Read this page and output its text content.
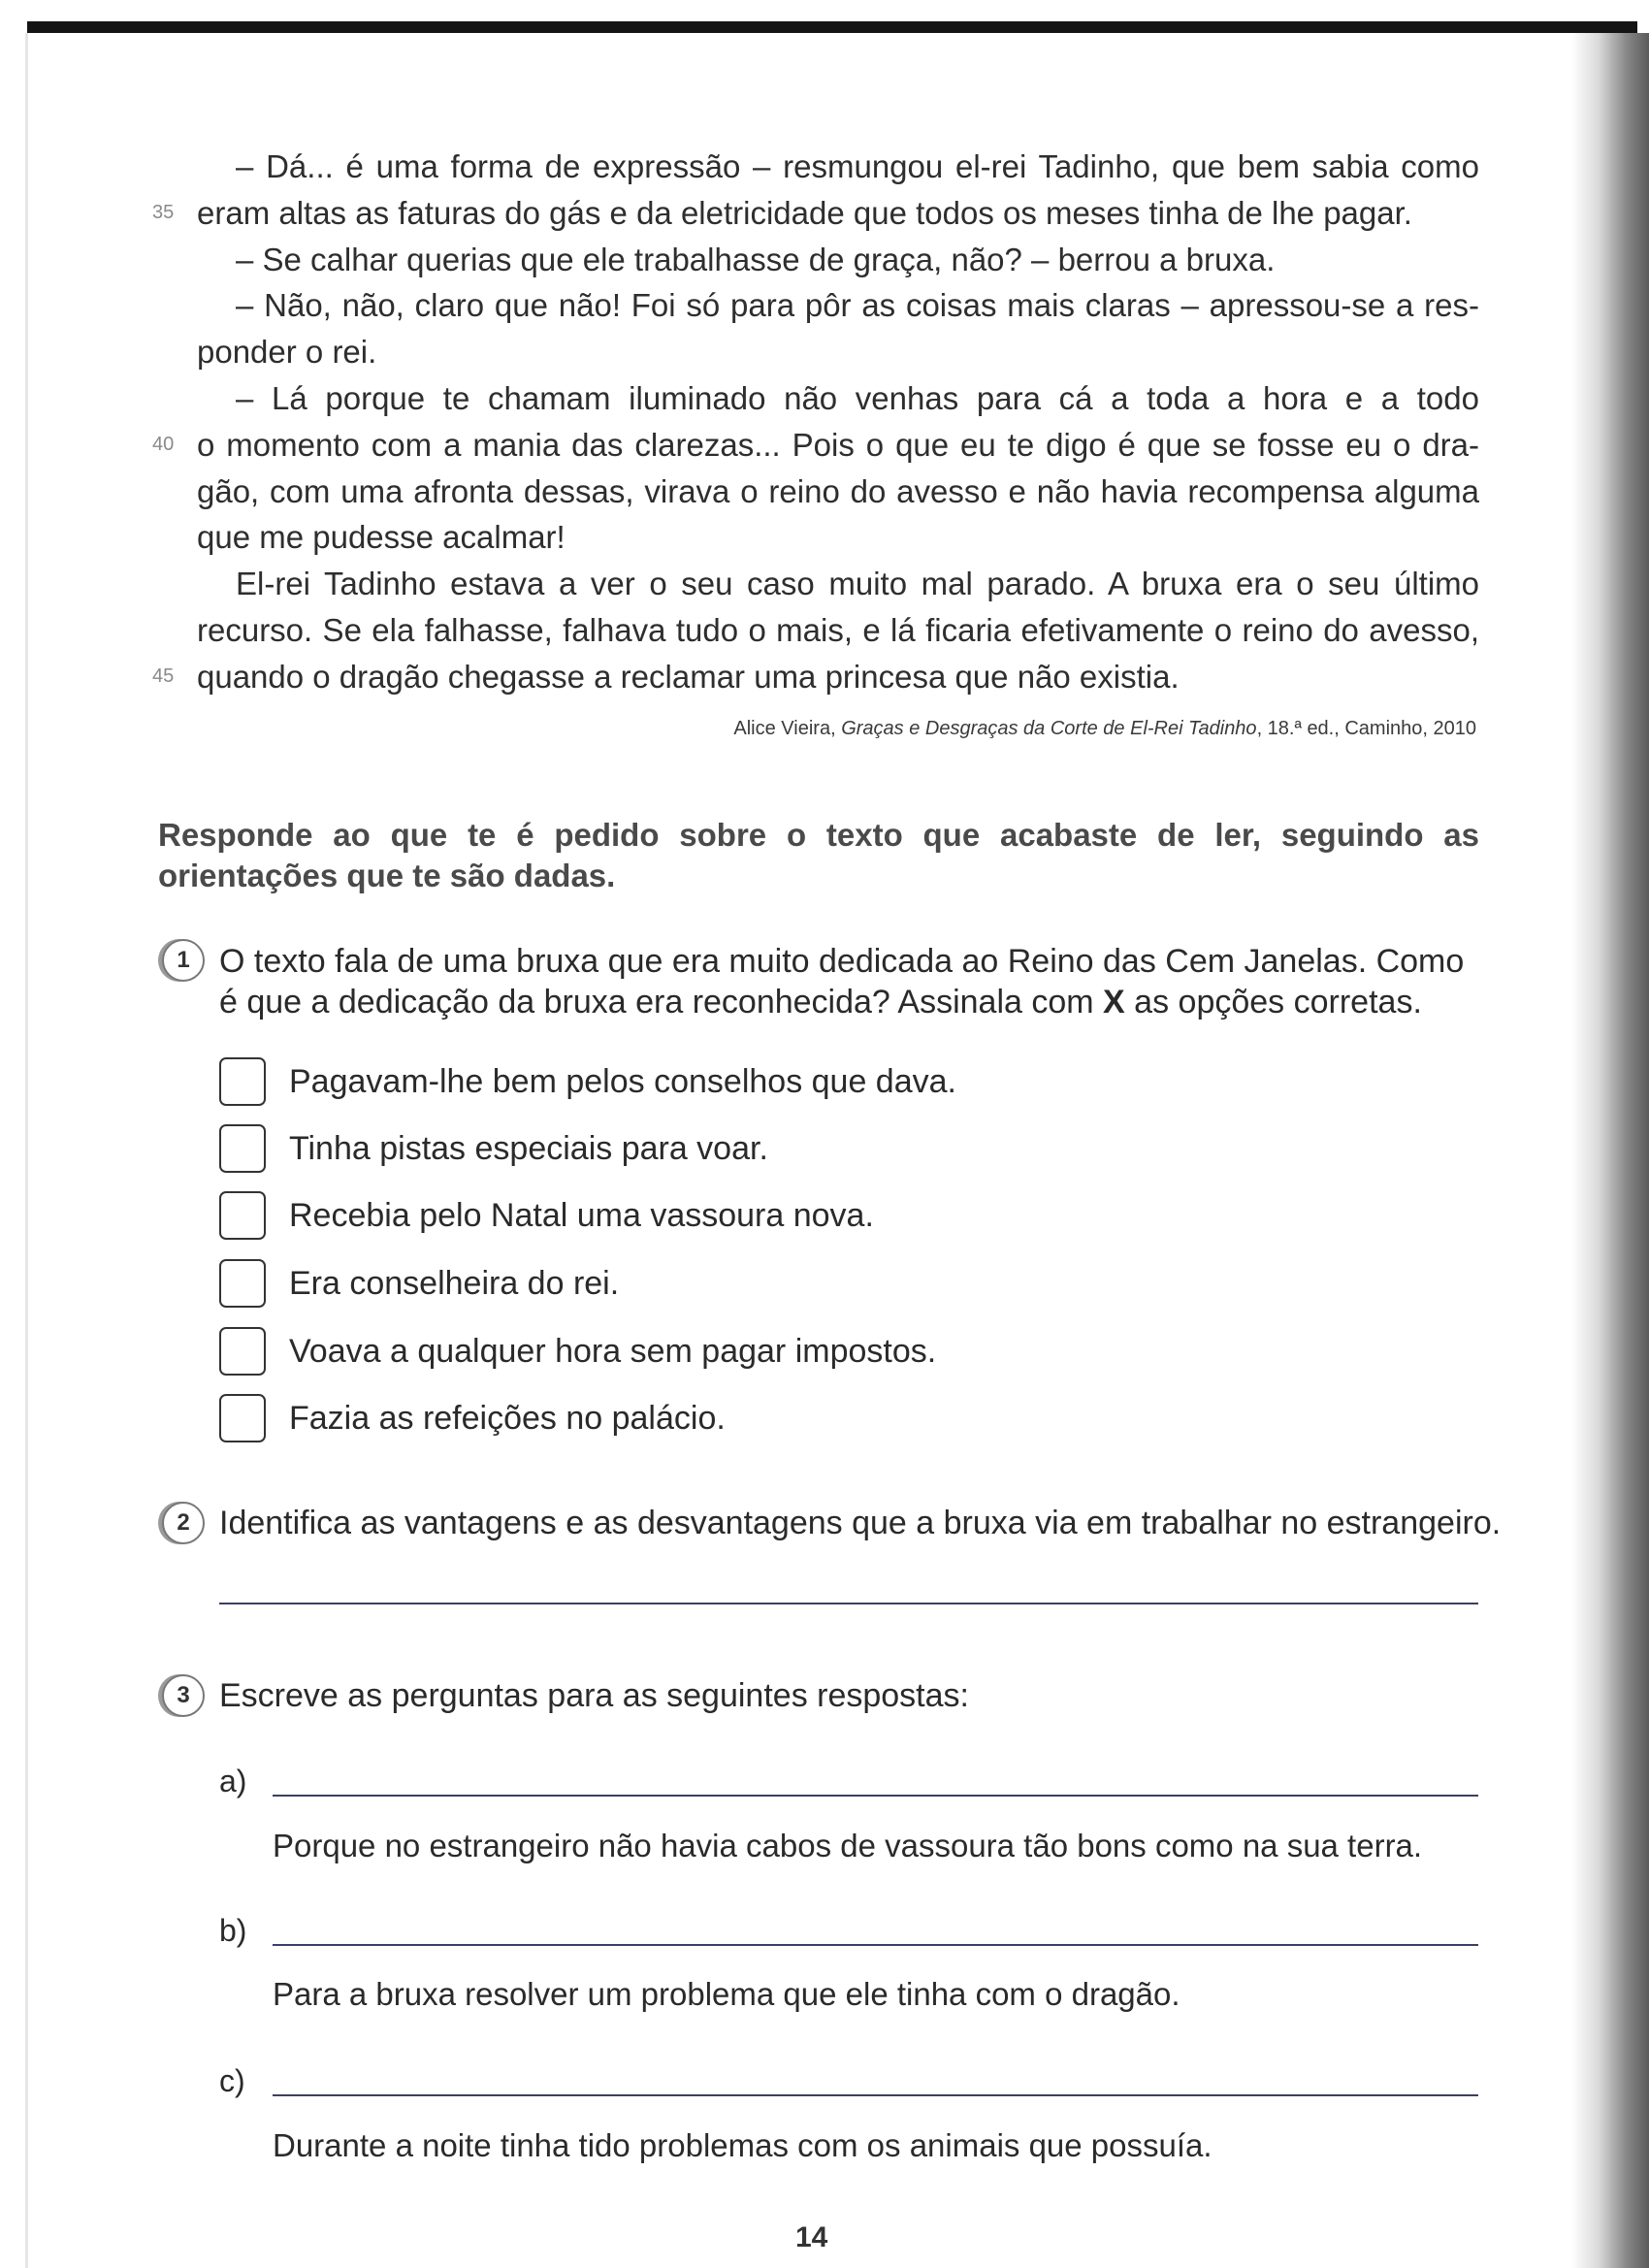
– Dá... é uma forma de expressão – resmungou el-rei Tadinho, que bem sabia como
35 eram altas as faturas do gás e da eletricidade que todos os meses tinha de lhe pagar.
– Se calhar querias que ele trabalhasse de graça, não? – berrou a bruxa.
– Não, não, claro que não! Foi só para pôr as coisas mais claras – apressou-se a res-
ponder o rei.
– Lá porque te chamam iluminado não venhas para cá a toda a hora e a todo
40 o momento com a mania das clarezas... Pois o que eu te digo é que se fosse eu o dra-
gão, com uma afronta dessas, virava o reino do avesso e não havia recompensa alguma
que me pudesse acalmar!
El-rei Tadinho estava a ver o seu caso muito mal parado. A bruxa era o seu último
recurso. Se ela falhasse, falhava tudo o mais, e lá ficaria efetivamente o reino do avesso,
45 quando o dragão chegasse a reclamar uma princesa que não existia.
Alice Vieira, Graças e Desgraças da Corte de El-Rei Tadinho, 18.ª ed., Caminho, 2010
Responde ao que te é pedido sobre o texto que acabaste de ler, seguindo as orientações que te são dadas.
1 O texto fala de uma bruxa que era muito dedicada ao Reino das Cem Janelas. Como
é que a dedicação da bruxa era reconhecida? Assinala com X as opções corretas.
Pagavam-lhe bem pelos conselhos que dava.
Tinha pistas especiais para voar.
Recebia pelo Natal uma vassoura nova.
Era conselheira do rei.
Voava a qualquer hora sem pagar impostos.
Fazia as refeições no palácio.
2 Identifica as vantagens e as desvantagens que a bruxa via em trabalhar no estrangeiro.
3 Escreve as perguntas para as seguintes respostas:
a)
Porque no estrangeiro não havia cabos de vassoura tão bons como na sua terra.
b)
Para a bruxa resolver um problema que ele tinha com o dragão.
c)
Durante a noite tinha tido problemas com os animais que possuía.
14
